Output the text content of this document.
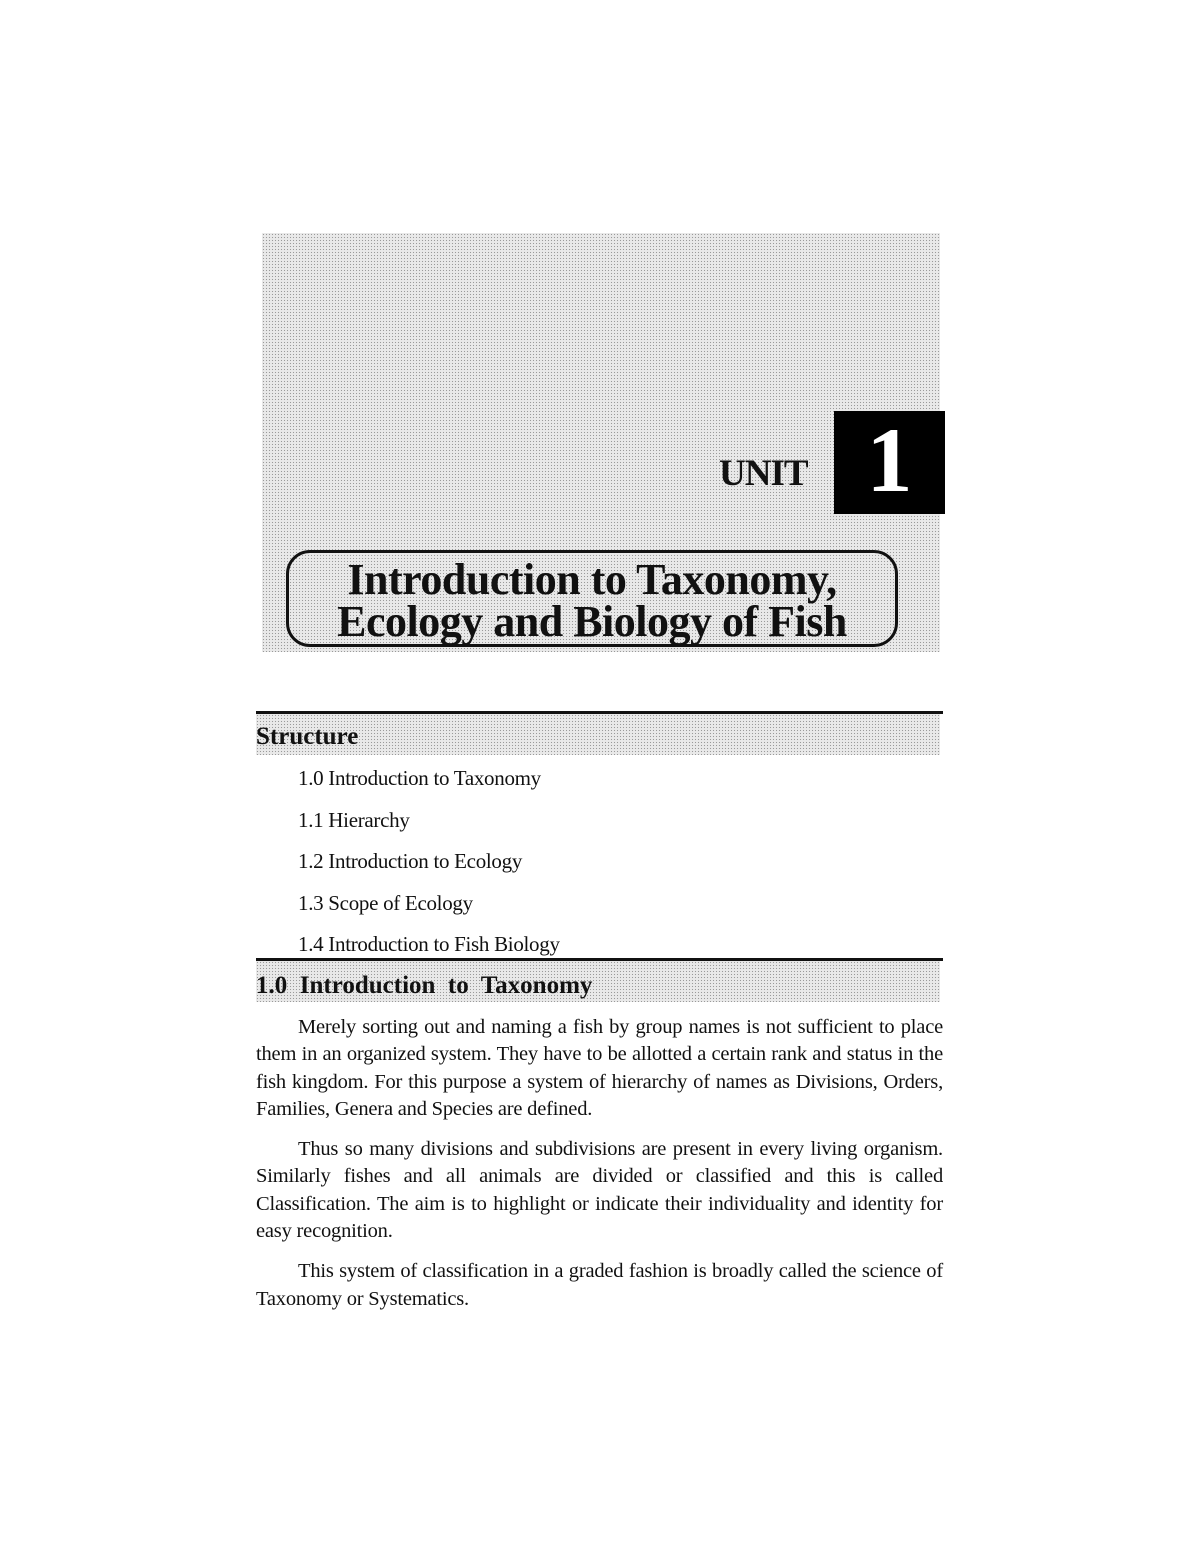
UNIT 1
Introduction to Taxonomy,
Ecology and Biology of Fish
Structure
1.0 Introduction to Taxonomy
1.1 Hierarchy
1.2 Introduction to Ecology
1.3 Scope of Ecology
1.4 Introduction to Fish Biology
1.0  Introduction  to  Taxonomy

Merely sorting out and naming a fish by group names is not sufficient to place them in an organized system. They have to be allotted a certain rank and status in the fish kingdom. For this purpose a system of hierarchy of names as Divisions, Orders, Families, Genera and Species are defined.

Thus so many divisions and subdivisions are present in every living organism. Similarly fishes and all animals are divided or classified and this is called Classification. The aim is to highlight or indicate their individuality and identity for easy recognition.

This system of classification in a graded fashion is broadly called the science of Taxonomy or Systematics.
